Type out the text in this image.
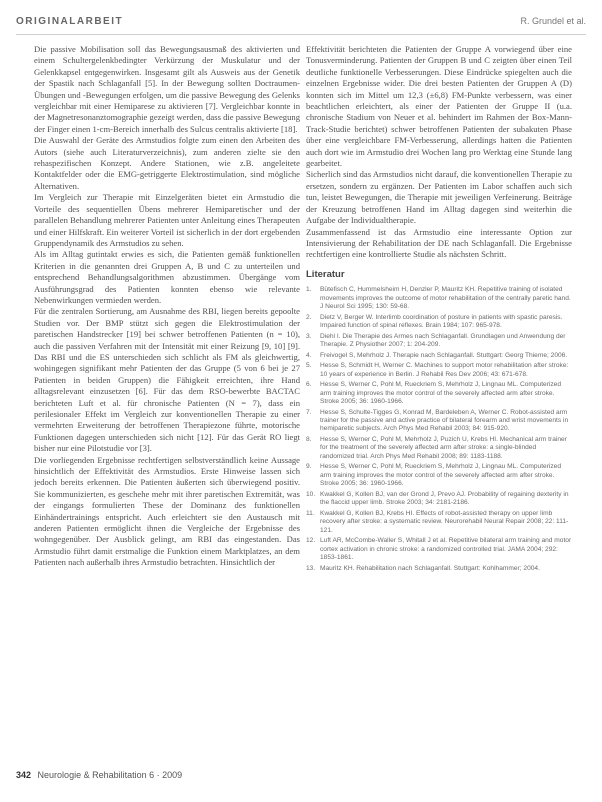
ORIGINALARBEIT	R. Grundel et al.

Die passive Mobilisation soll das Bewegungsausmaß des aktivierten und einem Schultergelenkbedingter Verkürzung der Muskulatur und der Gelenkkapsel entgegenwirken. Insgesamt gilt als Ausweis aus der Genetik der Spastik nach Schlaganfall [5]. In der Bewegung sollten Doctraumen-Übungen und -Bewegungen erfolgen, um die passive Bewegung des Gelenks vergleichbar mit einer Hemiparese zu aktivieren [7]. Vergleichbar konnte in der Magnetresonanztomographie gezeigt werden, dass die passive Bewegung der Finger einen 1-cm-Bereich innerhalb des Sulcus centralis aktivierte [18].

Die Auswahl der Geräte des Armstudios folgte zum einen den Arbeiten des Autors (siehe auch Literaturverzeichnis), zum anderen zielte sie den rehaspezifischen Konzept. Andere Stationen, wie z.B. angeleitete Kontaktfelder oder die EMG-getriggerte Elektrostimulation, sind mögliche Alternativen.

Im Vergleich zur Therapie mit Einzelgeräten bietet ein Armstudio die Vorteile des sequentiellen Übens mehrerer Hemiparetischer und der parallelen Behandlung mehrerer Patienten unter Anleitung eines Therapeuten und einer Hilfskraft. Ein weiterer Vorteil ist sicherlich in der dort ergebenden Gruppendynamik des Armstudios zu sehen.

Als im Alltag gutintakt erwies es sich, die Patienten gemäß funktionellen Kriterien in die genannten drei Gruppen A, B und C zu unterteilen und entsprechend Behandlungsalgorithmen abzustimmen. Übergänge vom Ausführungsgrad des Patienten konnten ebenso wie relevante Nebenwirkungen vermieden werden.

Für die zentralen Sortierung, am Ausnahme des RBI, liegen bereits gepoolte Studien vor. Der BMP stützt sich gegen die Elektrostimulation der paretischen Handstrecker [19] bei schwer betroffenen Patienten (n = 10), auch die passiven Verfahren mit der Intensität mit einer Reizung [9, 10] [9]. Das RBI und die ES unterschieden sich schlicht als FM als gleichwertig, wohingegen signifikant mehr Patienten der das Gruppe (5 von 6 bei je 27 Patienten in beiden Gruppen) die Fähigkeit erreichten, ihre Hand alltagsrelevant einzusetzen [6]. Für das dem RSO-bewerbte BACTAC berichteten Luft et al. für chronische Patienten (N = 7), dass ein perilesionaler Effekt im Vergleich zur konventionellen Therapie zu einer vermehrten Erweiterung der betroffenen Therapiezone führte, motorische Funktionen dagegen unterschieden sich nicht [12]. Für das Gerät RO liegt bisher nur eine Pilotstudie vor [3].

Die vorliegenden Ergebnisse rechtfertigen selbstverständlich keine Aussage hinsichtlich der Effektivität des Armstudios. Erste Hinweise lassen sich jedoch bereits erkennen. Die Patienten äußerten sich überwiegend positiv. Sie kommunizierten, es geschehe mehr mit ihrer paretischen Extremität, was der eingangs formulierten These der Dominanz des funktionellen Einhändertrainings entspricht. Auch erleichtert sie den Austausch mit anderen Patienten ermöglicht ihnen die Vergleiche der Ergebnisse des wohngegenüber. Der Ausblick gelingt, am RBI das eingestanden. Das Armstudio führt damit erstmalige die Funktion einem Marktplatzes, an dem Patienten nach außerhalb ihres Armstudio betrachten. Hinsichtlich der

Effektivität berichteten die Patienten der Gruppe A vorwiegend über eine Tonusverminderung. Patienten der Gruppen B und C zeigten über einen Teil deutliche funktionelle Verbesserungen. Diese Eindrücke spiegelten auch die einzelnen Ergebnisse wider. Die drei besten Patienten der Gruppen A (D) konnten sich im Mittel um 12,3 (±6,8) FM-Punkte verbessern, was einer beachtlichen erleichtert, als einer der Patienten der Gruppe II (u.a. chronische Stadium von Neuer et al. behindert im Rahmen der Box-Mann-Track-Studie berichtet) schwer betroffenen Patienten der subakuten Phase über eine vergleichbare FM-Verbesserung, allerdings hatten die Patienten auch dort wie im Armstudio drei Wochen lang pro Werktag eine Stunde lang gearbeitet.

Sicherlich sind das Armstudios nicht darauf, die konventionellen Therapie zu ersetzen, sondern zu ergänzen. Der Patienten im Labor schaffen auch sich tun, leistet Bewegungen, die Therapie mit jeweiligen Verfeinerung. Beiträge der Kreuzung betroffenen Hand im Alltag dagegen sind weiterhin die Aufgabe der Individualtherapie.

Zusammenfassend ist das Armstudio eine interessante Option zur Intensivierung der Rehabilitation der DE nach Schlaganfall. Die Ergebnisse rechtfertigen eine kontrollierte Studie als nächsten Schritt.

Literatur
1.	Bütefisch C, Hummelsheim H, Denzler P, Mauritz KH. Repetitive training of isolated movements improves the outcome of motor rehabilitation of the centrally paretic hand. J Neurol Sci 1995; 130: 59-68.
2.	Dietz V, Berger W. Interlimb coordination of posture in patients with spastic paresis. Impaired function of spinal reflexes. Brain 1984; 107: 965-978.
3.	Diehl I. Die Therapie des Armes nach Schlaganfall. Grundlagen und Anwendung der Therapie. Z Physiother 2007; 1: 204-209.
4.	Freivogel S, Mehrholz J. Therapie nach Schlaganfall. Stuttgart: Georg Thieme; 2006.
5.	Hesse S, Schmidt H, Werner C. Machines to support motor rehabilitation after stroke: 10 years of experience in Berlin. J Rehabil Res Dev 2006; 43: 671-678.
6.	Hesse S, Werner C, Pohl M, Rueckriem S, Mehrholz J, Lingnau ML. Computerized arm training improves the motor control of the severely affected arm after stroke. Stroke 2005; 36: 1960-1966.
7.	Hesse S, Schulte-Tigges G, Konrad M, Bardeleben A, Werner C. Robot-assisted arm trainer for the passive and active practice of bilateral forearm and wrist movements in hemiparetic subjects. Arch Phys Med Rehabil 2003; 84: 915-920.
8.	Hesse S, Werner C, Pohl M, Mehrholz J, Puzich U, Krebs HI. Mechanical arm trainer for the treatment of the severely affected arm after stroke: a single-blinded randomized trial. Arch Phys Med Rehabil 2008; 89: 1183-1188.
9.	Hesse S, Werner C, Pohl M, Rueckriem S, Mehrholz J, Lingnau ML. Computerized arm training improves the motor control of the severely affected arm after stroke. Stroke 2005; 36: 1960-1966.
10. Kwakkel G, Kollen BJ, van der Grond J, Prevo AJ. Probability of regaining dexterity in the flaccid upper limb. Stroke 2003; 34: 2181-2186.
11. Kwakkel G, Kollen BJ, Krebs HI. Effects of robot-assisted therapy on upper limb recovery after stroke: a systematic review. Neurorehabil Neural Repair 2008; 22: 111-121.
12. Luft AR, McCombe-Waller S, Whitall J et al. Repetitive bilateral arm training and motor cortex activation in chronic stroke: a randomized controlled trial. JAMA 2004; 292: 1853-1861.
13. Mauritz KH. Rehabilitation nach Schlaganfall. Stuttgart: Kohlhammer; 2004.
342 Neurologie & Rehabilitation 6 · 2009
